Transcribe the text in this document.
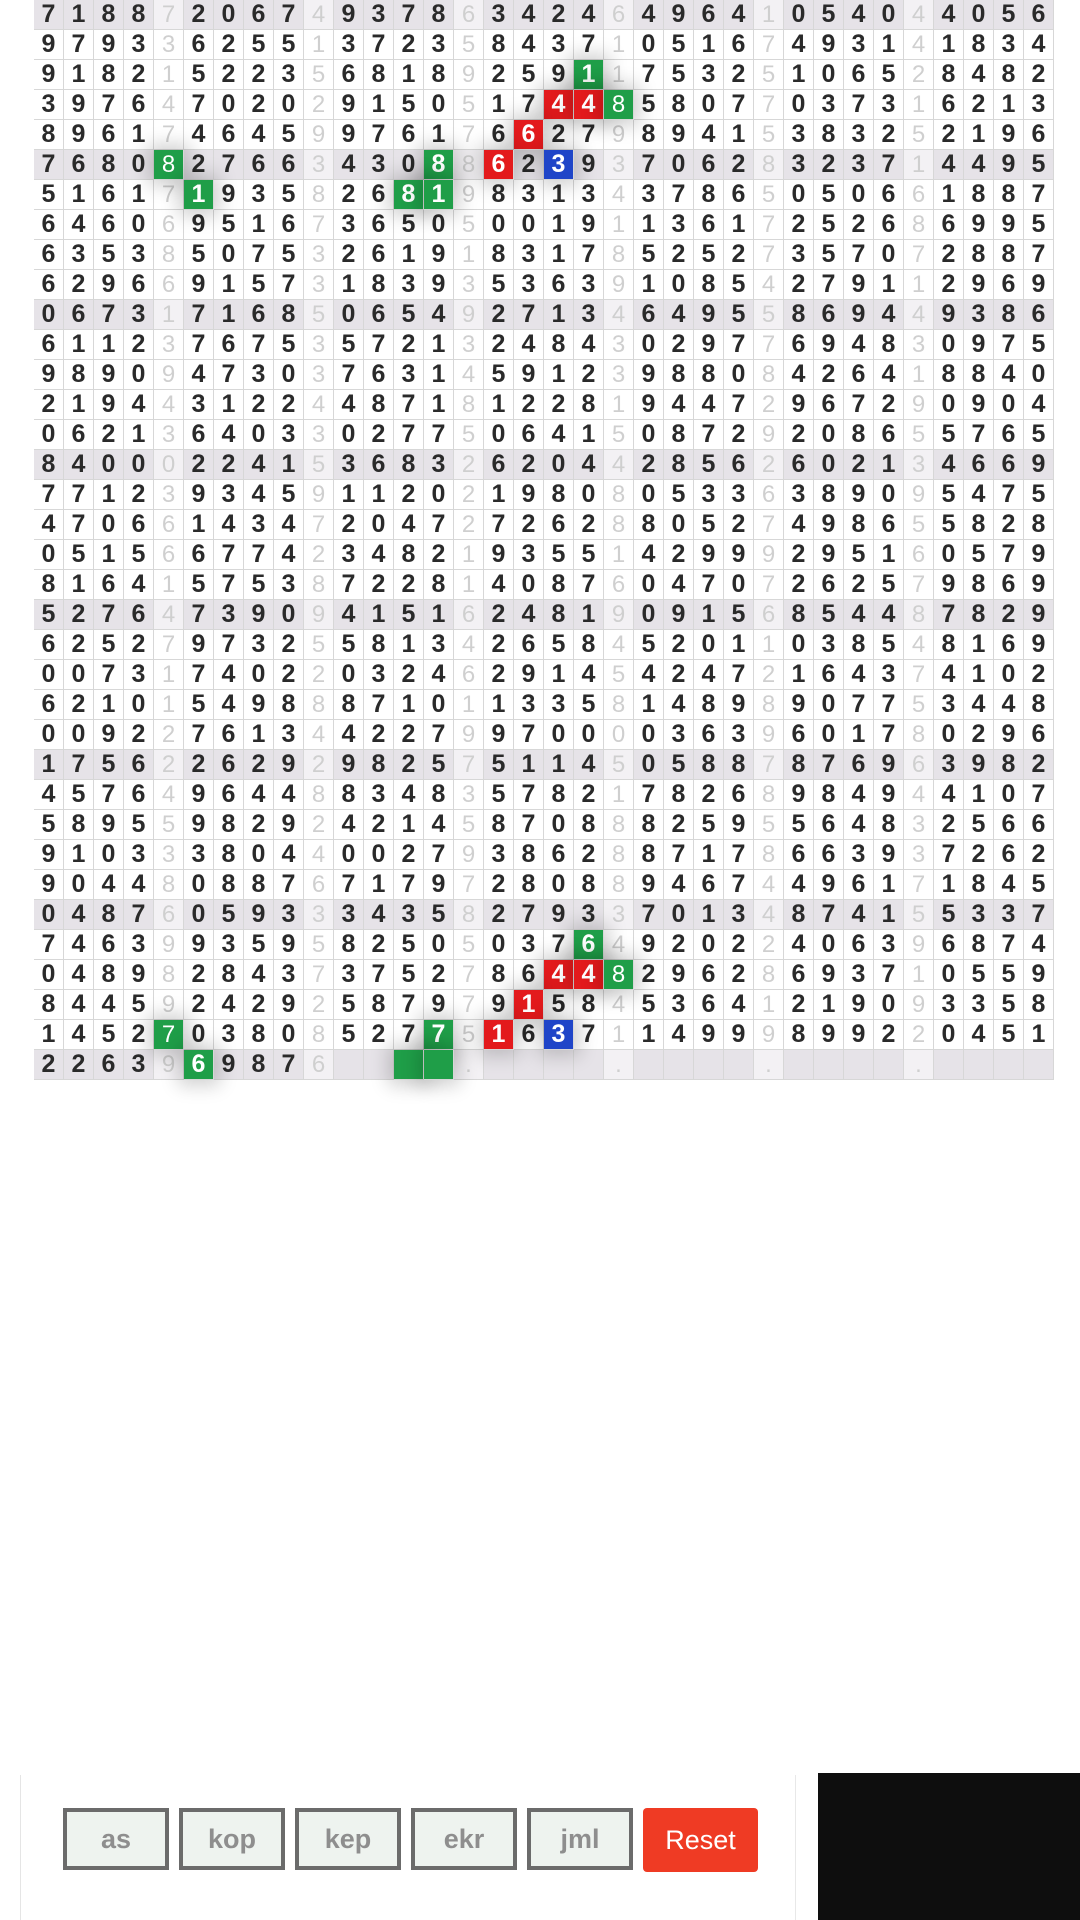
7 1 8 8 7 2 0 6 7 4 9 3 7 8 6 3 4 2 4 6 4 9 6 4 1 0 5 4 0 4 4 0 5 6
9 7 9 3 3 6 2 5 5 1 3 7 2 3 5 8 4 3 7 1 0 5 1 6 7 4 9 3 1 4 1 8 3 4
9 1 8 2 1 5 2 2 3 5 6 8 1 8 9 2 5 9 1 1 7 5 3 2 5 1 0 6 5 2 8 4 8 2
3 9 7 6 4 7 0 2 0 2 9 1 5 0 5 1 7 4 4 8 5 8 0 7 7 0 3 7 3 1 6 2 1 3
8 9 6 1 7 4 6 4 5 9 9 7 6 1 7 6 6 2 7 9 8 9 4 1 5 3 8 3 2 5 2 1 9 6
7 6 8 0 8 2 7 6 6 3 4 3 0 8 8 6 2 3 9 3 7 0 6 2 8 3 2 3 7 1 4 4 9 5
5 1 6 1 7 1 9 3 5 8 2 6 8 1 9 8 3 1 3 4 3 7 8 6 5 0 5 0 6 6 1 8 8 7
6 4 6 0 6 9 5 1 6 7 3 6 5 0 5 0 0 1 9 1 1 3 6 1 7 2 5 2 6 8 6 9 9 5
6 3 5 3 8 5 0 7 5 3 2 6 1 9 1 8 3 1 7 8 5 2 5 2 7 3 5 7 0 7 2 8 8 7
6 2 9 6 6 9 1 5 7 3 1 8 3 9 3 5 3 6 3 9 1 0 8 5 4 2 7 9 1 1 2 9 6 9
0 6 7 3 1 7 1 6 8 5 0 6 5 4 9 2 7 1 3 4 6 4 9 5 5 8 6 9 4 4 9 3 8 6
6 1 1 2 3 7 6 7 5 3 5 7 2 1 3 2 4 8 4 3 0 2 9 7 7 6 9 4 8 3 0 9 7 5
9 8 9 0 9 4 7 3 0 3 7 6 3 1 4 5 9 1 2 3 9 8 8 0 8 4 2 6 4 1 8 8 4 0
2 1 9 4 4 3 1 2 2 4 4 8 7 1 8 1 2 2 8 1 9 4 4 7 2 9 6 7 2 9 0 9 0 4
0 6 2 1 3 6 4 0 3 3 0 2 7 7 5 0 6 4 1 5 0 8 7 2 9 2 0 8 6 5 5 7 6 5
8 4 0 0 0 2 2 4 1 5 3 6 8 3 2 6 2 0 4 4 2 8 5 6 2 6 0 2 1 3 4 6 6 9
7 7 1 2 3 9 3 4 5 9 1 1 2 0 2 1 9 8 0 8 0 5 3 3 6 3 8 9 0 9 5 4 7 5
4 7 0 6 6 1 4 3 4 7 2 0 4 7 2 7 2 6 2 8 8 0 5 2 7 4 9 8 6 5 5 8 2 8
0 5 1 5 6 6 7 7 4 2 3 4 8 2 1 9 3 5 5 1 4 2 9 9 9 2 9 5 1 6 0 5 7 9
8 1 6 4 1 5 7 5 3 8 7 2 2 8 1 4 0 8 7 6 0 4 7 0 7 2 6 2 5 7 9 8 6 9
5 2 7 6 4 7 3 9 0 9 4 1 5 1 6 2 4 8 1 9 0 9 1 5 6 8 5 4 4 8 7 8 2 9
6 2 5 2 7 9 7 3 2 5 5 8 1 3 4 2 6 5 8 4 5 2 0 1 1 0 3 8 5 4 8 1 6 9
0 0 7 3 1 7 4 0 2 2 0 3 2 4 6 2 9 1 4 5 4 2 4 7 2 1 6 4 3 7 4 1 0 2
6 2 1 0 1 5 4 9 8 8 8 7 1 0 1 1 3 3 5 8 1 4 8 9 8 9 0 7 7 5 3 4 4 8
0 0 9 2 2 7 6 1 3 4 4 2 2 7 9 9 7 0 0 0 0 3 6 3 9 6 0 1 7 8 0 2 9 6
1 7 5 6 2 2 6 2 9 2 9 8 2 5 7 5 1 1 4 5 0 5 8 8 7 8 7 6 9 6 3 9 8 2
4 5 7 6 4 9 6 4 4 8 8 3 4 8 3 5 7 8 2 1 7 8 2 6 8 9 8 4 9 4 4 1 0 7
5 8 9 5 5 9 8 2 9 2 4 2 1 4 5 8 7 0 8 8 8 2 5 9 5 5 6 4 8 3 2 5 6 6
9 1 0 3 3 3 8 0 4 4 0 0 2 7 9 3 8 6 2 8 8 7 1 7 8 6 6 3 9 3 7 2 6 2
9 0 4 4 8 0 8 8 7 6 7 1 7 9 7 2 8 0 8 8 9 4 6 7 4 4 9 6 1 7 1 8 4 5
0 4 8 7 6 0 5 9 3 3 3 4 3 5 8 2 7 9 3 3 7 0 1 3 4 8 7 4 1 5 5 3 3 7
7 4 6 3 9 9 3 5 9 5 8 2 5 0 5 0 3 7 6 4 9 2 0 2 2 4 0 6 3 9 6 8 7 4
0 4 8 9 8 2 8 4 3 7 3 7 5 2 7 8 6 4 4 8 2 9 6 2 8 6 9 3 7 1 0 5 5 9
8 4 4 5 9 2 4 2 9 2 5 8 7 9 7 9 1 5 8 4 5 3 6 4 1 2 1 9 0 9 3 3 5 8
1 4 5 2 7 0 3 8 0 8 5 2 7 7 5 1 6 3 7 1 1 4 9 9 9 8 9 9 2 2 0 4 5 1
2 2 6 3 9 6 9 8 7 6	.	.	.	.
as	kop	kep	ekr	jml	Reset
